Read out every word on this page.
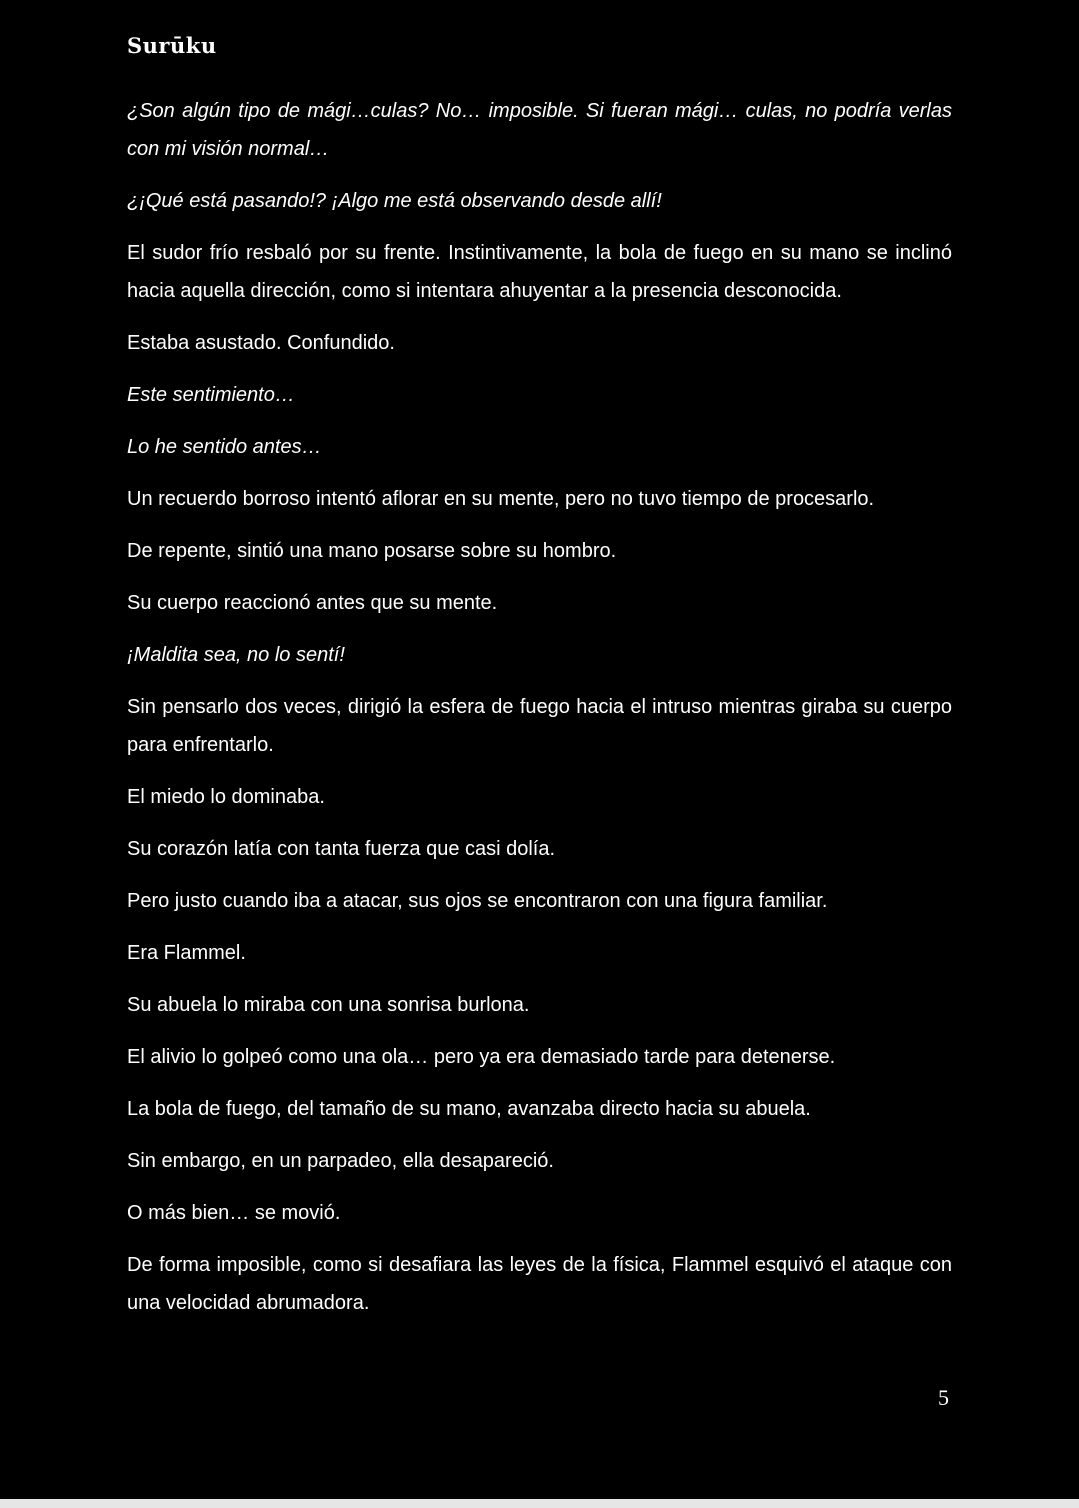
Surūku

¿Son algún tipo de mági…culas? No… imposible. Si fueran mági… culas, no podría verlas con mi visión normal…

¿¡Qué está pasando!? ¡Algo me está observando desde allí!

El sudor frío resbaló por su frente. Instintivamente, la bola de fuego en su mano se inclinó hacia aquella dirección, como si intentara ahuyentar a la presencia desconocida.

Estaba asustado. Confundido.

Este sentimiento…

Lo he sentido antes…

Un recuerdo borroso intentó aflorar en su mente, pero no tuvo tiempo de procesarlo.

De repente, sintió una mano posarse sobre su hombro.

Su cuerpo reaccionó antes que su mente.

¡Maldita sea, no lo sentí!

Sin pensarlo dos veces, dirigió la esfera de fuego hacia el intruso mientras giraba su cuerpo para enfrentarlo.

El miedo lo dominaba.

Su corazón latía con tanta fuerza que casi dolía.

Pero justo cuando iba a atacar, sus ojos se encontraron con una figura familiar.

Era Flammel.

Su abuela lo miraba con una sonrisa burlona.

El alivio lo golpeó como una ola… pero ya era demasiado tarde para detenerse.

La bola de fuego, del tamaño de su mano, avanzaba directo hacia su abuela.

Sin embargo, en un parpadeo, ella desapareció.

O más bien… se movió.

De forma imposible, como si desafiara las leyes de la física, Flammel esquivó el ataque con una velocidad abrumadora.

5
